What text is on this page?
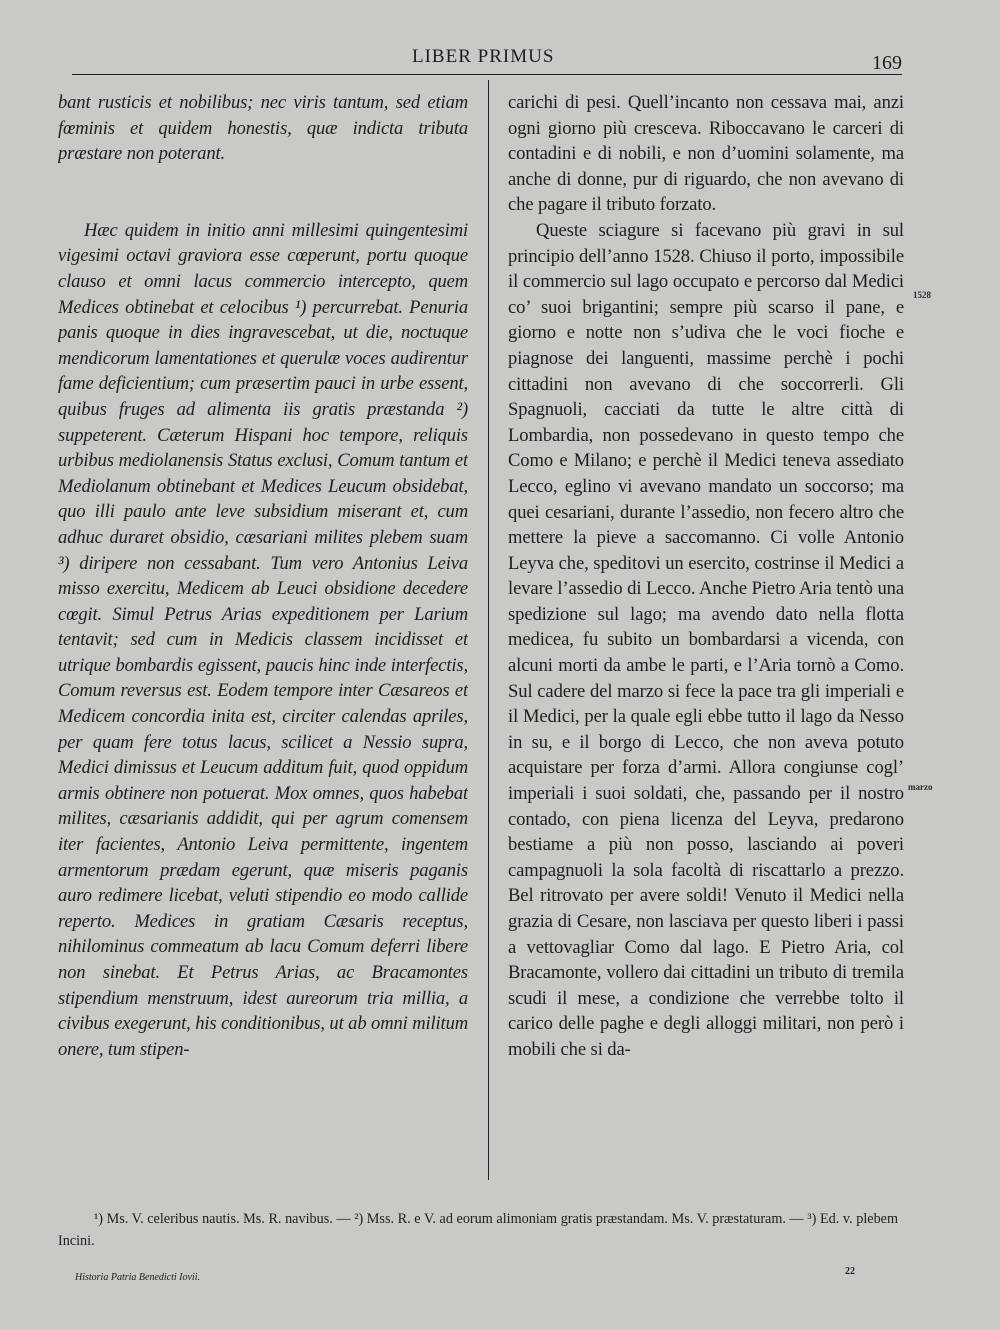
LIBER PRIMUS	169

bant rusticis et nobilibus; nec viris tantum, sed etiam fœminis et quidem honestis, quæ indicta tributa præstare non poterant.

Hæc quidem in initio anni millesimi quingentesimi vigesimi octavi graviora esse cœperunt, portu quoque clauso et omni lacus commercio intercepto, quem Medices obtinebat et celocibus ¹) percurrebat. Penuria panis quoque in dies ingravescebat, ut die, noctuque mendicorum lamentationes et querulæ voces audirentur fame deficientium; cum præsertim pauci in urbe essent, quibus fruges ad alimenta iis gratis præstanda ²) suppeterent. Cæterum Hispani hoc tempore, reliquis urbibus mediolanensis Status exclusi, Comum tantum et Mediolanum obtinebant et Medices Leucum obsidebat, quo illi paulo ante leve subsidium miserant et, cum adhuc duraret obsidio, cæsariani milites plebem suam ³) diripere non cessabant. Tum vero Antonius Leiva misso exercitu, Medicem ab Leuci obsidione decedere cœgit. Simul Petrus Arias expeditionem per Larium tentavit; sed cum in Medicis classem incidisset et utrique bombardis egissent, paucis hinc inde interfectis, Comum reversus est. Eodem tempore inter Cæsareos et Medicem concordia inita est, circiter calendas apriles, per quam fere totus lacus, scilicet a Nessio supra, Medici dimissus et Leucum additum fuit, quod oppidum armis obtinere non potuerat. Mox omnes, quos habebat milites, cæsarianis addidit, qui per agrum comensem iter facientes, Antonio Leiva permittente, ingentem armentorum prædam egerunt, quæ miseris paganis auro redimere licebat, veluti stipendio eo modo callide reperto. Medices in gratiam Cæsaris receptus, nihilominus commeatum ab lacu Comum deferri libere non sinebat. Et Petrus Arias, ac Bracamontes stipendium menstruum, idest aureorum tria millia, a civibus exegerunt, his conditionibus, ut ab omni militum onere, tum stipen-

carichi di pesi. Quell’incanto non cessava mai, anzi ogni giorno più cresceva. Riboccavano le carceri di contadini e di nobili, e non d’uomini solamente, ma anche di donne, pur di riguardo, che non avevano di che pagare il tributo forzato.

Queste sciagure si facevano più gravi in sul principio dell’anno 1528. Chiuso il porto, impossibile il commercio sul lago occupato e percorso dal Medici co’ suoi brigantini; sempre più scarso il pane, e giorno e notte non s’udiva che le voci fioche e piagnose dei languenti, massime perchè i pochi cittadini non avevano di che soccorrerli. Gli Spagnuoli, cacciati da tutte le altre città di Lombardia, non possedevano in questo tempo che Como e Milano; e perchè il Medici teneva assediato Lecco, eglino vi avevano mandato un soccorso; ma quei cesariani, durante l’assedio, non fecero altro che mettere la pieve a saccomanno. Ci volle Antonio Leyva che, speditovi un esercito, costrinse il Medici a levare l’assedio di Lecco. Anche Pietro Aria tentò una spedizione sul lago; ma avendo dato nella flotta medicea, fu subito un bombardarsi a vicenda, con alcuni morti da ambe le parti, e l’Aria tornò a Como. Sul cadere del marzo si fece la pace tra gli imperiali e il Medici, per la quale egli ebbe tutto il lago da Nesso in su, e il borgo di Lecco, che non aveva potuto acquistare per forza d’armi. Allora congiunse cogl’ imperiali i suoi soldati, che, passando per il nostro contado, con piena licenza del Leyva, predarono bestiame a più non posso, lasciando ai poveri campagnuoli la sola facoltà di riscattarlo a prezzo. Bel ritrovato per avere soldi! Venuto il Medici nella grazia di Cesare, non lasciava per questo liberi i passi a vettovagliar Como dal lago. E Pietro Aria, col Bracamonte, vollero dai cittadini un tributo di tremila scudi il mese, a condizione che verrebbe tolto il carico delle paghe e degli alloggi militari, non però i mobili che si da-

1528
marzo

¹) Ms. V. celeribus nautis. Ms. R. navibus. — ²) Mss. R. e V. ad eorum alimoniam gratis præstandam. Ms. V. præstaturam. — ³) Ed. v. plebem Incini.

Historia Patria Benedicti Iovii.
22
